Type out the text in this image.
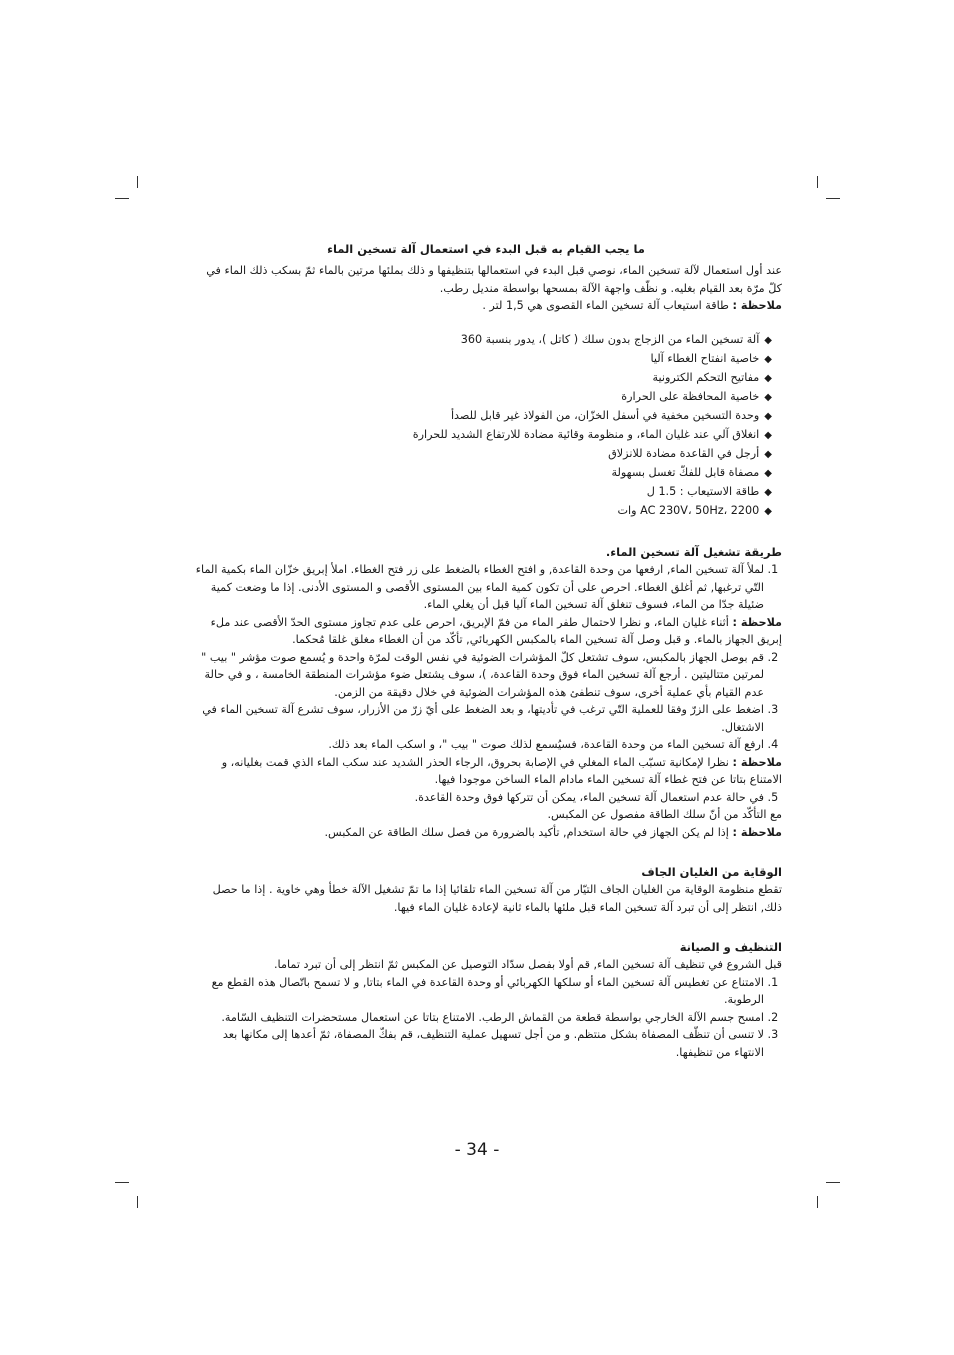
ما يجب القيام به قبل البدء في استعمال آلة تسخين الماء

عند أول استعمال لآلة تسخين الماء، نوصي قبل البدء في استعمالها بتنظيفها و ذلك بملئها مرتين بالماء ثمّ بسكب ذلك الماء في كلّ مرّة بعد القيام بغليه. و نظّف واجهة الآلة بمسحها بواسطة منديل رطب.

ملاحظة : طاقة استيعاب آلة تسخين الماء القصوى هي 1,5 لتر .

◆آلة تسخين الماء من الزجاج بدون سلك ( كاتل )، يدور بنسبة 360
◆خاصية انفتاح الغطاء آليا
◆مفاتيح التحكم الكترونية
◆خاصية المحافظة على الحرارة
◆وحدة التسخين مخفية في أسفل الخزّان، من الفولاذ غير قابل للصدأ
◆انغلاق آلي عند غليان الماء، و منظومة وقائية مضادة للارتفاع الشديد للحرارة
◆أرجل في القاعدة مضادة للانزلاق
◆مصفاة قابل للفكّ تغسل بسهولة
◆طاقة الاستيعاب : 1.5 ل
◆AC 230V، 50Hz، 2200 وات
طريقة تشغيل آلة تسخين الماء.
1. لملأ آلة تسخين الماء, ارفعها من وحدة القاعدة, و افتح الغطاء بالضغط على زر فتح الغطاء. املأ إبريق خزّان الماء بكمية الماء التّي ترغبها, ثم أغلق الغطاء. احرص على أن تكون كمية الماء بين المستوى الأقصى و المستوى الأدنى. إذا ما وضعت كمية ضئيلة جدّا من الماء، فسوف تنغلق آلة تسخين الماء آليا قبل أن يغلي الماء.

ملاحظة : أثناء غليان الماء، و نظرا لاحتمال طفر الماء من فمّ الإبريق، احرص على عدم تجاوز مستوى الحدّ الأقصى عند ملء إبريق الجهاز بالماء. و قبل وصل آلة تسخين الماء بالمكبس الكهربائي, تأكّد من أن الغطاء مغلق غلقا مُحكما.

2. قم بوصل الجهاز بالمكبس، سوف تشتعل كلّ المؤشرات الضوئية في نفس الوقت لمرّة واحدة و يُسمع صوت مؤشر " بيب " لمرتين متتاليتين . أرجع آلة تسخين الماء فوق وحدة القاعدة، )، سوف يشتعل ضوء مؤشرات المنطقة الخامسة ، و في حالة عدم القيام بأي عملية أخرى، سوف تنطفئ هذه المؤشرات الضوئية في خلال دقيقة من الزمن.
3. اضغط على الزرّ وفقا للعملية التّي ترغب في تأديتها، و بعد الضغط على أيّ زرّ من الأزرار، سوف تشرع آلة تسخين الماء في الاشتغال.
4. ارفع آلة تسخين الماء من وحدة القاعدة، فسيُسمع لذلك صوت " بيب "، و اسكب الماء بعد ذلك.

ملاحظة : نظرا لإمكانية تسبّب الماء المغلي في الإصابة بحروق، الرجاء الحذر الشديد عند سكب الماء الذي قمت بغليانه، و الامتناع بتاتا عن فتح غطاء آلة تسخين الماء مادام الماء الساخن موجودا فيها.

5. في حالة عدم استعمال آلة تسخين الماء، يمكن أن تتركها فوق وحدة القاعدة.

مع التأكّد من أنّ سلك الطاقة مفصول عن المكبس.

ملاحظة : إذا لم يكن الجهاز في حالة استخدام, تأكيد بالضرورة من فصل سلك الطاقة عن المكبس.

الوقاية من الغليان الجاف

تقطع منظومة الوقاية من الغليان الجاف التيّار من آلة تسخين الماء تلقائيا إذا ما تمّ تشغيل الآلة خطأ وهي خاوية . إذا ما حصل ذلك, انتظر إلى أن تبرد آلة تسخين الماء قبل ملئها بالماء ثانية لإعادة غليان الماء فيها.

التنظيف و الصيانة

قبل الشروع في تنظيف آلة تسخين الماء, قم أولا بفصل سدّاد التوصيل عن المكبس ثمّ انتظر إلى أن تبرد تماما.

1. الامتناع عن تغطيس آلة تسخين الماء أو سلكها الكهربائي أو وحدة القاعدة في الماء بتاتا, و لا تسمح باتّصال هذه القطع مع الرطوبة.
2. امسح جسم الآلة الخارجي بواسطة قطعة من القماش الرطب. الامتناع بتاتا عن استعمال مستحضرات التنظيف السّامة.
3. لا تنسى أن تنظّف المصفاة بشكل منتظم. و من أجل تسهيل عملية التنظيف، قم بفكّ المصفاة، ثمّ أعدها إلى مكانها بعد الانتهاء من تنظيفها.
- 34 -
